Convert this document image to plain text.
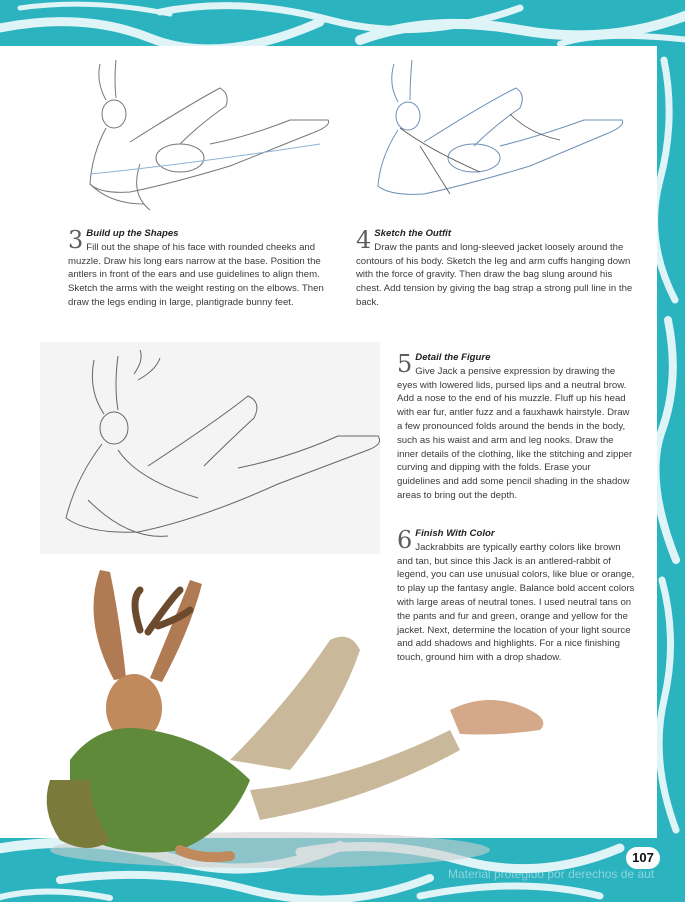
3 Build up the Shapes
Fill out the shape of his face with rounded cheeks and muzzle. Draw his long ears narrow at the base. Position the antlers in front of the ears and use guidelines to align them. Sketch the arms with the weight resting on the elbows. Then draw the legs ending in large, plantigrade bunny feet.
4 Sketch the Outfit
Draw the pants and long-sleeved jacket loosely around the contours of his body. Sketch the leg and arm cuffs hanging down with the force of gravity. Then draw the bag slung around his chest. Add tension by giving the bag strap a strong pull line in the back.
5 Detail the Figure
Give Jack a pensive expression by drawing the eyes with lowered lids, pursed lips and a neutral brow. Add a nose to the end of his muzzle. Fluff up his head with ear fur, antler fuzz and a fauxhawk hairstyle. Draw a few pronounced folds around the bends in the body, such as his waist and arm and leg nooks. Draw the inner details of the clothing, like the stitching and zipper curving and dipping with the folds. Erase your guidelines and add some pencil shading in the shadow areas to bring out the depth.
6 Finish With Color
Jackrabbits are typically earthy colors like brown and tan, but since this Jack is an antlered-rabbit of legend, you can use unusual colors, like blue or orange, to play up the fantasy angle. Balance bold accent colors with large areas of neutral tones. I used neutral tans on the pants and fur and green, orange and yellow for the jacket. Next, determine the location of your light source and add shadows and highlights. For a nice finishing touch, ground him with a drop shadow.
107
Material protegido por derechos de aut
